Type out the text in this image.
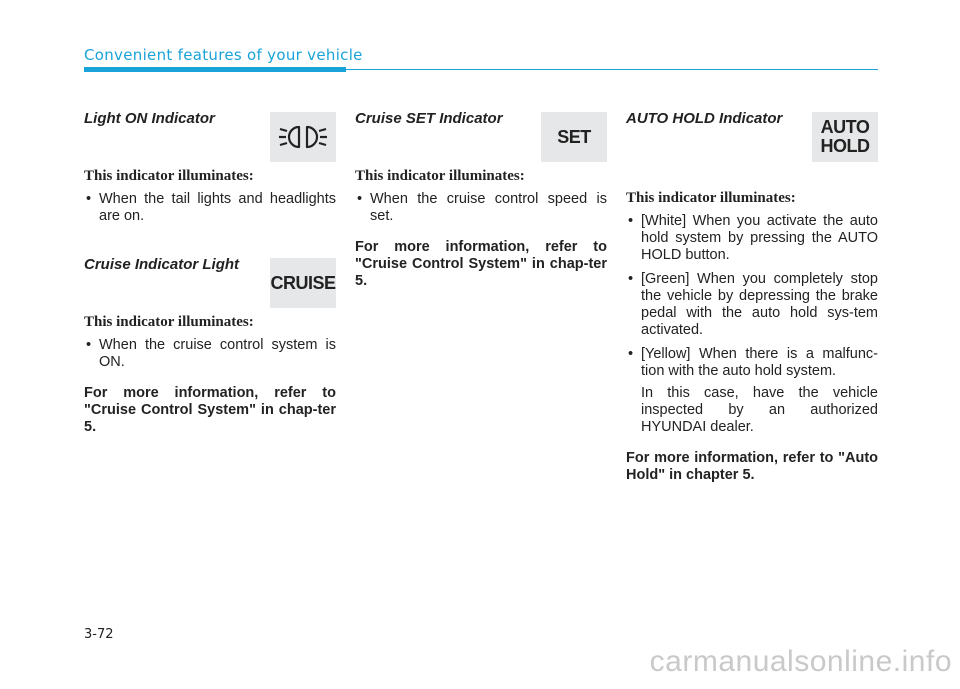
Convenient features of your vehicle
Light ON Indicator
This indicator illuminates:
• When the tail lights and headlights are on.
Cruise Indicator Light
CRUISE
This indicator illuminates:
• When the cruise control system is ON.
For more information, refer to "Cruise Control System" in chap-ter 5.
Cruise SET Indicator
SET
This indicator illuminates:
• When the cruise control speed is set.
For more information, refer to "Cruise Control System" in chap-ter 5.
AUTO HOLD Indicator	AUTO
HOLD
This indicator illuminates:
• [White] When you activate the auto hold system by pressing the AUTO HOLD button.
• [Green] When you completely stop the vehicle by depressing the brake pedal with the auto hold sys-tem activated.
• [Yellow] When there is a malfunc-tion with the auto hold system.
In this case, have the vehicle inspected by an authorized HYUNDAI dealer.
For more information, refer to "Auto Hold" in chapter 5.
3-72
carmanualsonline.info
